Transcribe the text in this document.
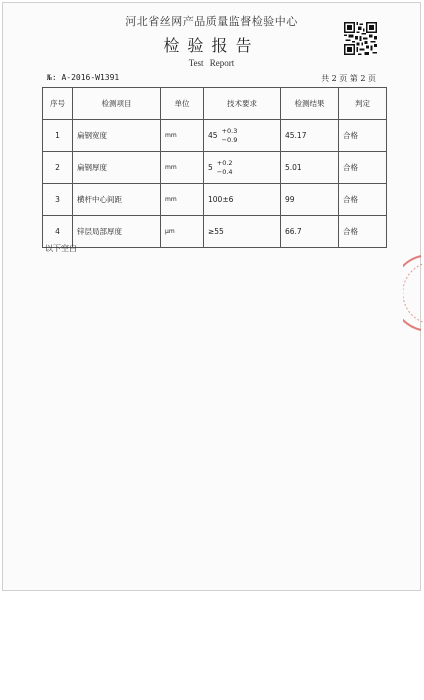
河北省丝网产品质量监督检验中心
检验报告
Test Report
№: A-2016-W1391	共 2 页 第 2 页
序号	检测项目	单位	技术要求	检测结果	判定
1	扁钢宽度	mm	45
+0.3
−0.9	45.17	合格
2	扁钢厚度	mm	5
+0.2
−0.4	5.01	合格
3	横杆中心间距	mm	100±6	99	合格
4	锌层局部厚度	μm	≥55	66.7	合格
以下空白
